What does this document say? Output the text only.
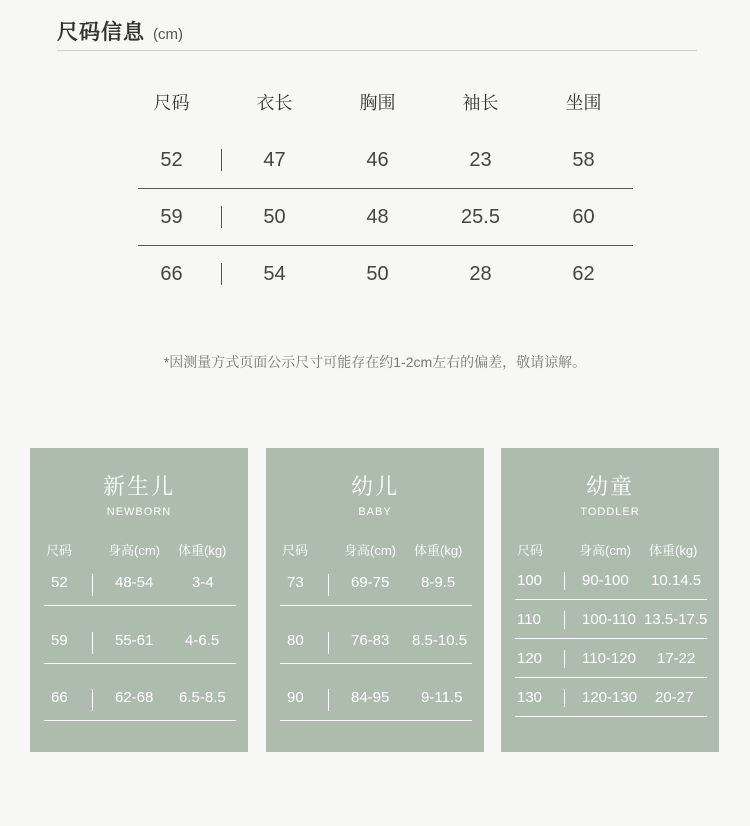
尺码信息 (cm)
尺码	衣长	胸围	袖长	坐围
52	47	46	23	58
59	50	48	25.5	60
66	54	50	28	62
*因测量方式页面公示尺寸可能存在约1-2cm左右的偏差，敬请谅解。
新生儿
NEWBORN
尺码	身高(cm) 体重(kg)
52	48-54	3-4
59	55-61 4-6.5
66	62-68 6.5-8.5
幼儿
BABY
尺码	身高(cm) 体重(kg)
73	69-75 8-9.5
80	76-83 8.5-10.5
90	84-95 9-11.5
幼童
TODDLER
尺码	身高(cm) 体重(kg)
100	90-100 10.14.5
110	100-110 13.5-17.5
120	110-120 17-22
130	120-130 20-27
